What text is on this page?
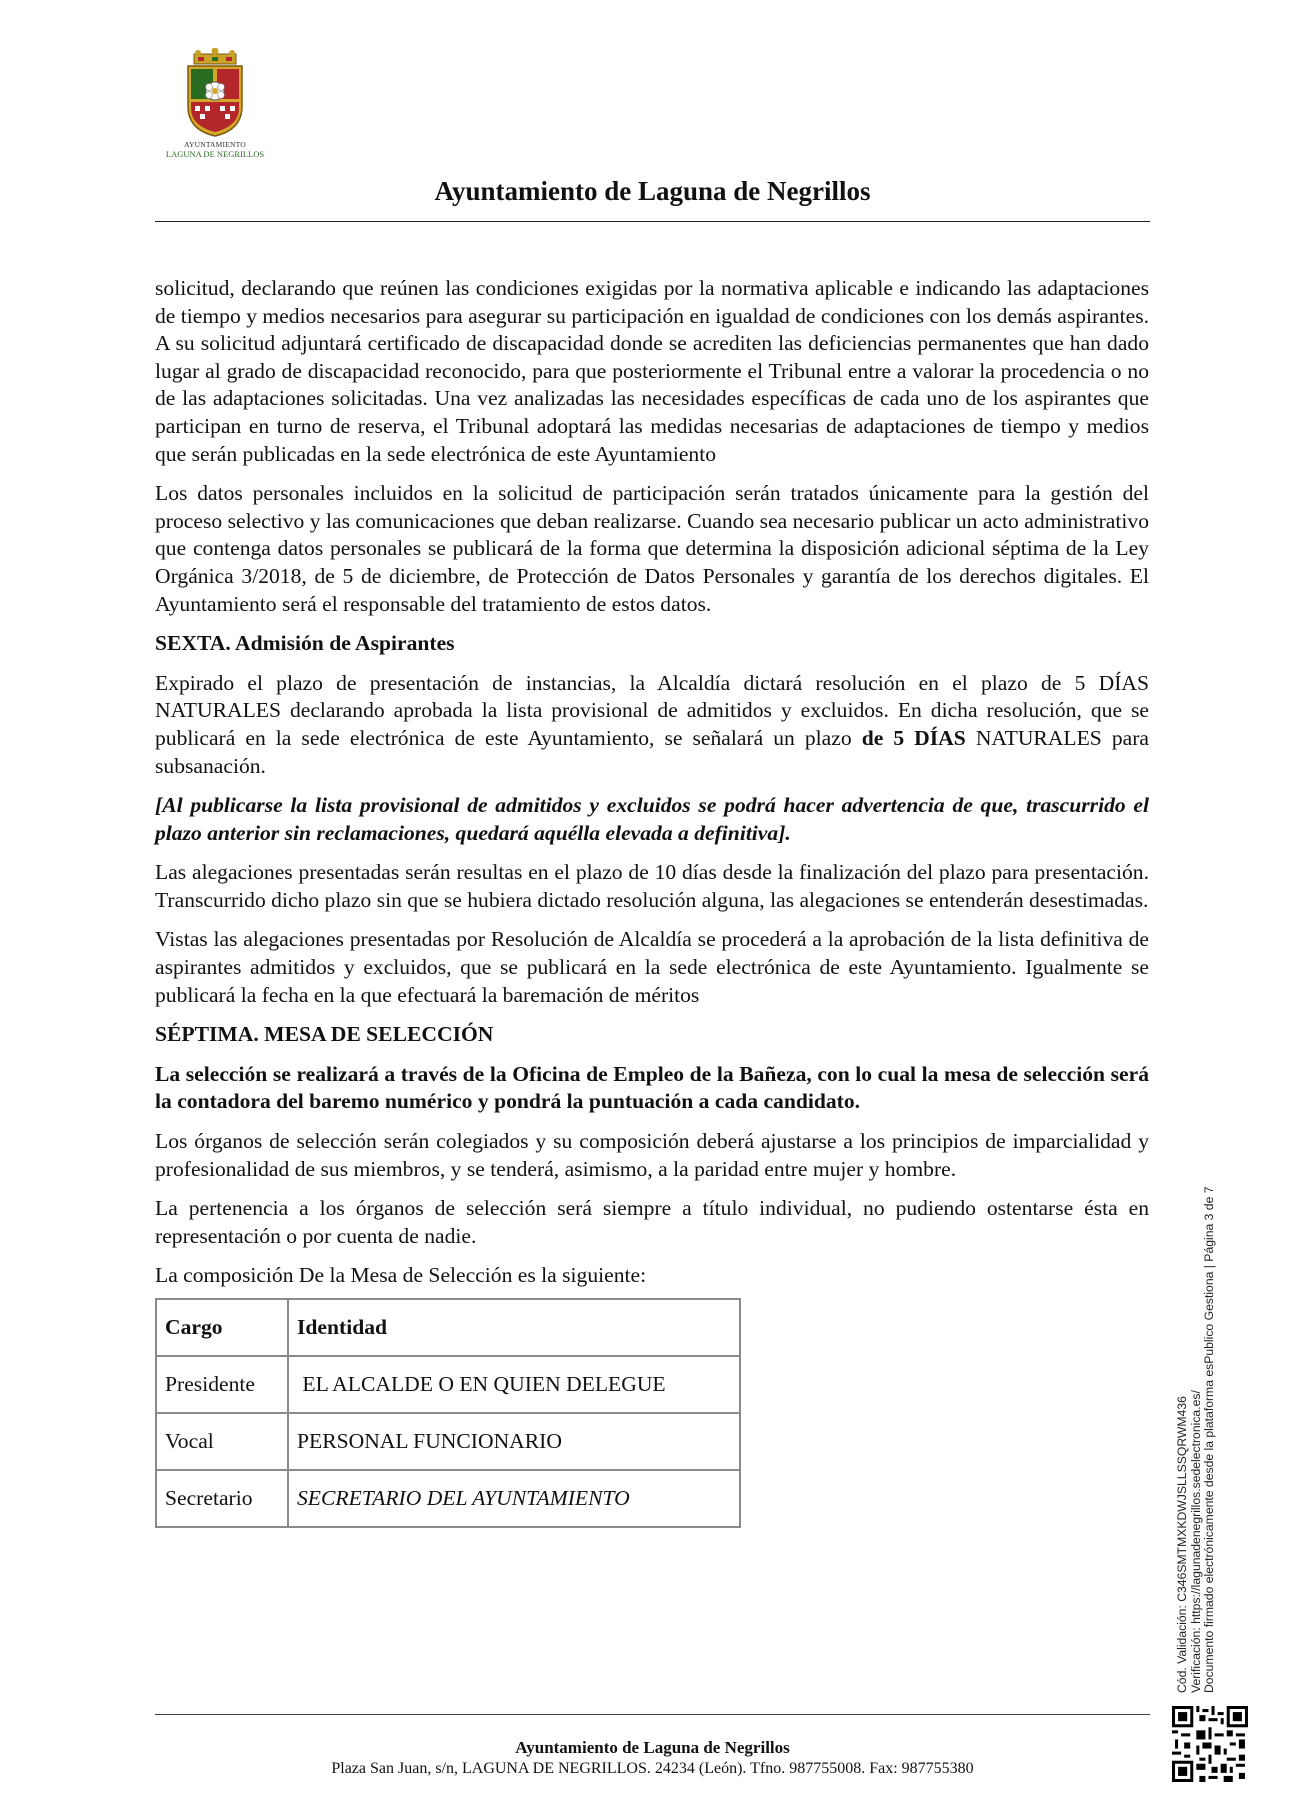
AYUNTAMIENTO
LAGUNA DE NEGRILLOS
Ayuntamiento de Laguna de Negrillos

solicitud, declarando que reúnen las condiciones exigidas por la normativa aplicable e indicando las adaptaciones de tiempo y medios necesarios para asegurar su participación en igualdad de condiciones con los demás aspirantes. A su solicitud adjuntará certificado de discapacidad donde se acrediten las deficiencias permanentes que han dado lugar al grado de discapacidad reconocido, para que posteriormente el Tribunal entre a valorar la procedencia o no de las adaptaciones solicitadas. Una vez analizadas las necesidades específicas de cada uno de los aspirantes que participan en turno de reserva, el Tribunal adoptará las medidas necesarias de adaptaciones de tiempo y medios que serán publicadas en la sede electrónica de este Ayuntamiento

Los datos personales incluidos en la solicitud de participación serán tratados únicamente para la gestión del proceso selectivo y las comunicaciones que deban realizarse. Cuando sea necesario publicar un acto administrativo que contenga datos personales se publicará de la forma que determina la disposición adicional séptima de la Ley Orgánica 3/2018, de 5 de diciembre, de Protección de Datos Personales y garantía de los derechos digitales. El Ayuntamiento será el responsable del tratamiento de estos datos.

SEXTA. Admisión de Aspirantes

Expirado el plazo de presentación de instancias, la Alcaldía dictará resolución en el plazo de 5 DÍAS NATURALES declarando aprobada la lista provisional de admitidos y excluidos. En dicha resolución, que se publicará en la sede electrónica de este Ayuntamiento, se señalará un plazo de 5 DÍAS NATURALES para subsanación.

[Al publicarse la lista provisional de admitidos y excluidos se podrá hacer advertencia de que, trascurrido el plazo anterior sin reclamaciones, quedará aquélla elevada a definitiva].

Las alegaciones presentadas serán resultas en el plazo de 10 días desde la finalización del plazo para presentación. Transcurrido dicho plazo sin que se hubiera dictado resolución alguna, las alegaciones se entenderán desestimadas.

Vistas las alegaciones presentadas por Resolución de Alcaldía se procederá a la aprobación de la lista definitiva de aspirantes admitidos y excluidos, que se publicará en la sede electrónica de este Ayuntamiento. Igualmente se publicará la fecha en la que efectuará la baremación de méritos

SÉPTIMA. MESA DE SELECCIÓN

La selección se realizará a través de la Oficina de Empleo de la Bañeza, con lo cual la mesa de selección será la contadora del baremo numérico y pondrá la puntuación a cada candidato.

Los órganos de selección serán colegiados y su composición deberá ajustarse a los principios de imparcialidad y profesionalidad de sus miembros, y se tenderá, asimismo, a la paridad entre mujer y hombre.

La pertenencia a los órganos de selección será siempre a título individual, no pudiendo ostentarse ésta en representación o por cuenta de nadie.

La composición De la Mesa de Selección es la siguiente:

Cargo	Identidad
Presidente	EL ALCALDE O EN QUIEN DELEGUE
Vocal	PERSONAL FUNCIONARIO
Secretario	SECRETARIO DEL AYUNTAMIENTO
Ayuntamiento de Laguna de Negrillos
Plaza San Juan, s/n, LAGUNA DE NEGRILLOS. 24234 (León). Tfno. 987755008. Fax: 987755380
Cód. Validación: C346SMTMXKDWJSLLSSQRWM436 Verificación: https://lagunadenegrillos.sedelectronica.es/ Documento firmado electrónicamente desde la plataforma esPublico Gestiona | Página 3 de 7
